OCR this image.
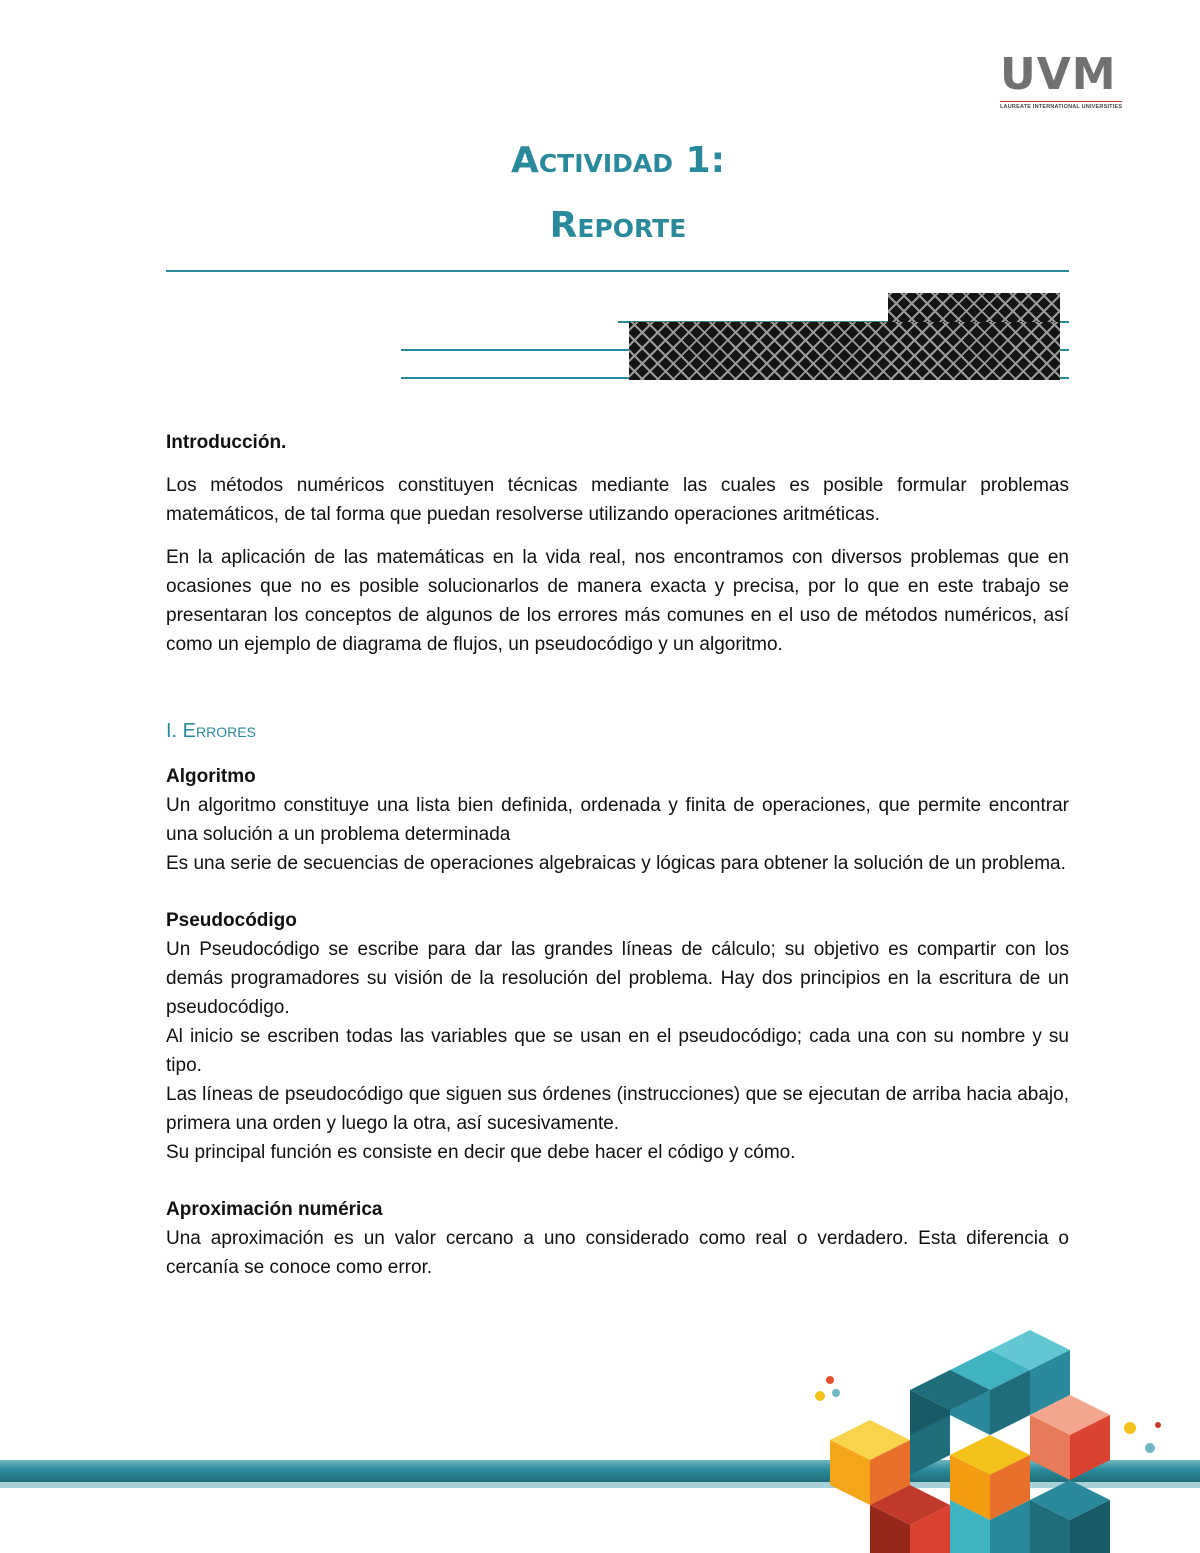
UVM
LAUREATE INTERNATIONAL UNIVERSITIES
Actividad 1:
Reporte

Introducción.

Los métodos numéricos constituyen técnicas mediante las cuales es posible formular problemas matemáticos, de tal forma que puedan resolverse utilizando operaciones aritméticas.

En la aplicación de las matemáticas en la vida real, nos encontramos con diversos problemas que en ocasiones que no es posible solucionarlos de manera exacta y precisa, por lo que en este trabajo se presentaran los conceptos de algunos de los errores más comunes en el uso de métodos numéricos, así como un ejemplo de diagrama de flujos, un pseudocódigo y un algoritmo.

I. Errores

Algoritmo

Un algoritmo constituye una lista bien definida, ordenada y finita de operaciones, que permite encontrar una solución a un problema determinada

Es una serie de secuencias de operaciones algebraicas y lógicas para obtener la solución de un problema.

Pseudocódigo

Un Pseudocódigo se escribe para dar las grandes líneas de cálculo; su objetivo es compartir con los demás programadores su visión de la resolución del problema. Hay dos principios en la escritura de un pseudocódigo.

Al inicio se escriben todas las variables que se usan en el pseudocódigo; cada una con su nombre y su tipo.

Las líneas de pseudocódigo que siguen sus órdenes (instrucciones) que se ejecutan de arriba hacia abajo, primera una orden y luego la otra, así sucesivamente.

Su principal función es consiste en decir que debe hacer el código y cómo.

Aproximación numérica

Una aproximación es un valor cercano a uno considerado como real o verdadero. Esta diferencia o cercanía se conoce como error.
